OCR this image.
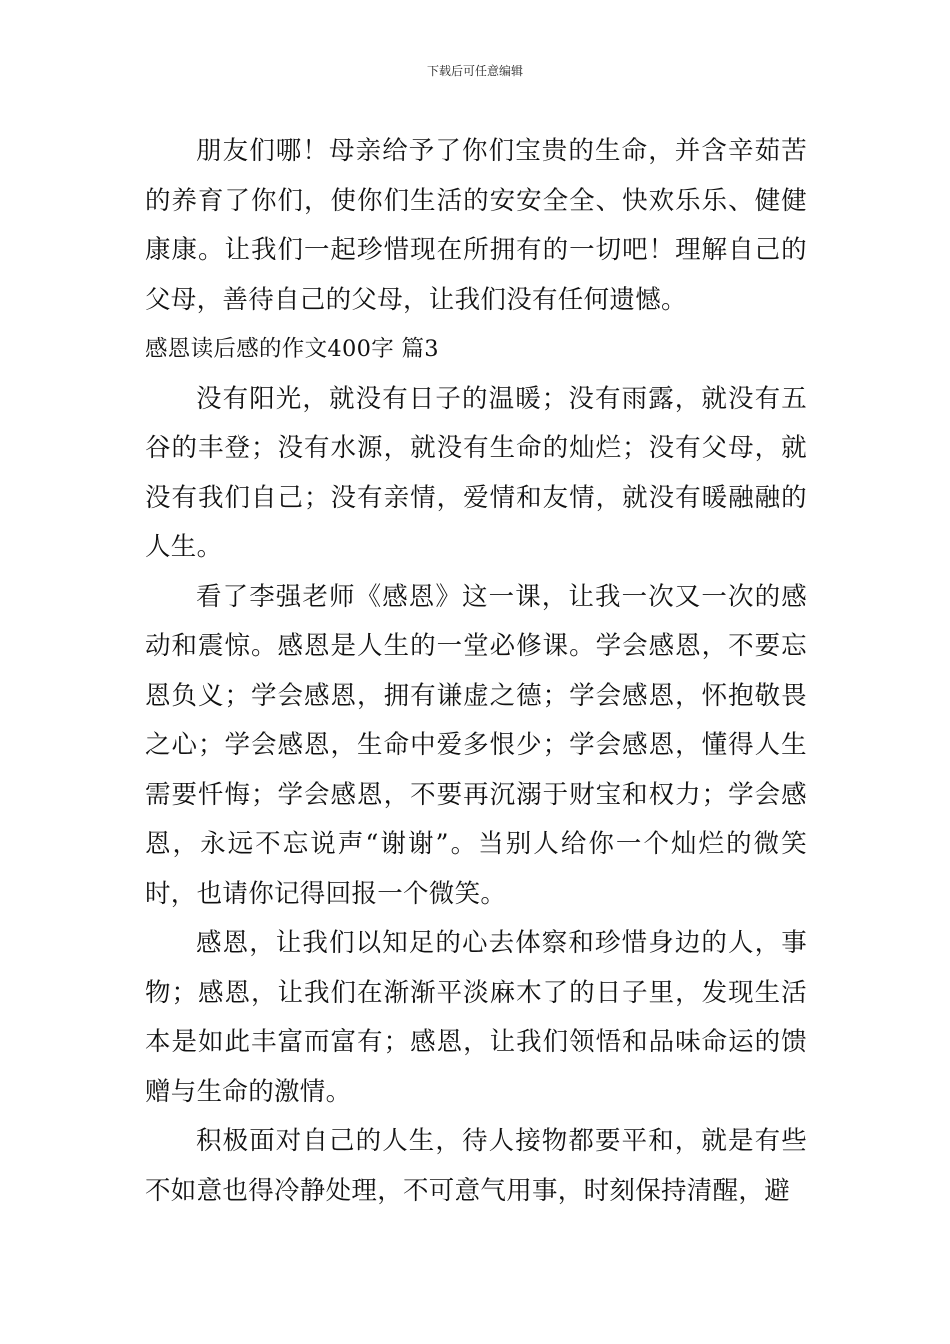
下载后可任意编辑

朋友们哪！母亲给予了你们宝贵的生命，并含辛茹苦的养育了你们，使你们生活的安安全全、快欢乐乐、健健康康。让我们一起珍惜现在所拥有的一切吧！理解自己的父母，善待自己的父母，让我们没有任何遗憾。

感恩读后感的作文400字 篇3

没有阳光，就没有日子的温暖；没有雨露，就没有五谷的丰登；没有水源，就没有生命的灿烂；没有父母，就没有我们自己；没有亲情，爱情和友情，就没有暖融融的人生。

看了李强老师《感恩》这一课，让我一次又一次的感动和震惊。感恩是人生的一堂必修课。学会感恩，不要忘恩负义；学会感恩，拥有谦虚之德；学会感恩，怀抱敬畏之心；学会感恩，生命中爱多恨少；学会感恩，懂得人生需要忏悔；学会感恩，不要再沉溺于财宝和权力；学会感恩，永远不忘说声“谢谢”。当别人给你一个灿烂的微笑时，也请你记得回报一个微笑。

感恩，让我们以知足的心去体察和珍惜身边的人，事物；感恩，让我们在渐渐平淡麻木了的日子里，发现生活本是如此丰富而富有；感恩，让我们领悟和品味命运的馈赠与生命的激情。

积极面对自己的人生，待人接物都要平和，就是有些不如意也得冷静处理，不可意气用事，时刻保持清醒，避
